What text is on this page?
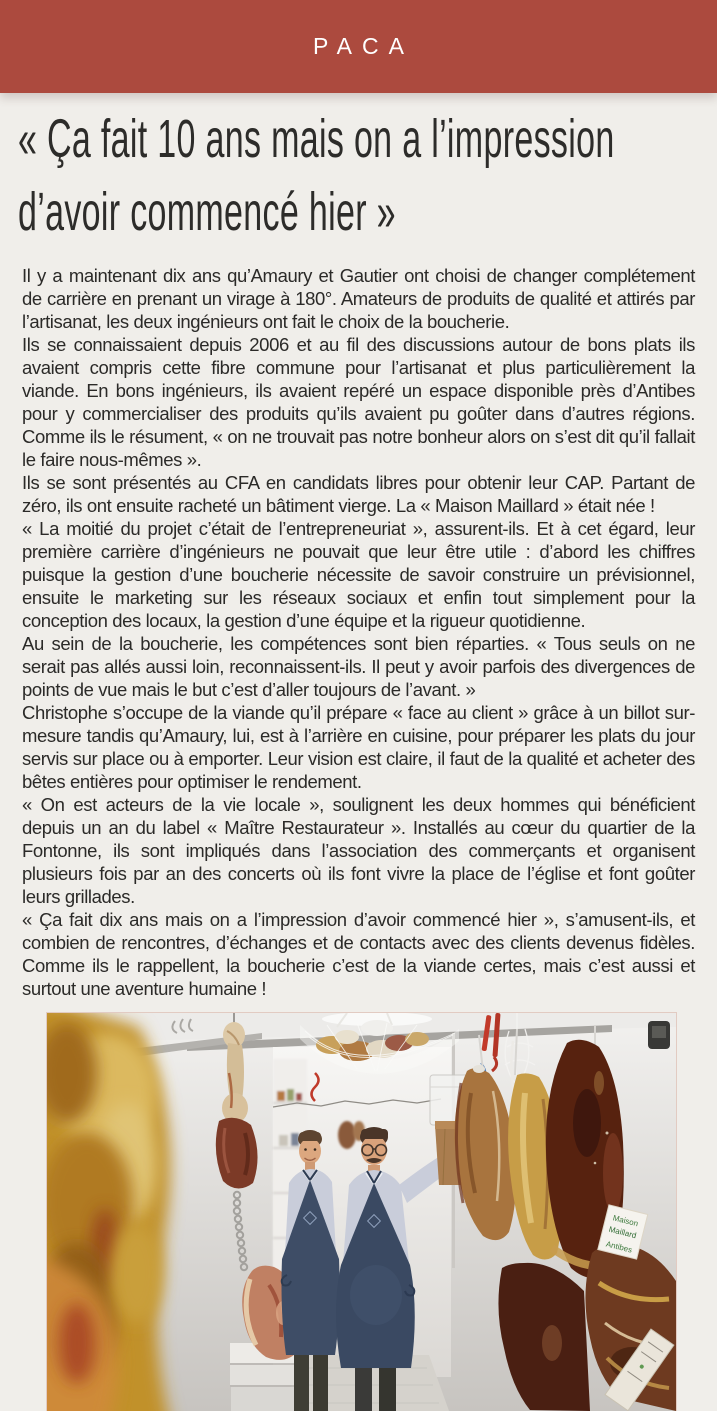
PACA
« Ça fait 10 ans mais on a l’impression
d’avoir commencé hier »

Il y a maintenant dix ans qu’Amaury et Gautier ont choisi de changer complétement de carrière en prenant un virage à 180°. Amateurs de produits de qualité et attirés par l’artisanat, les deux ingénieurs ont fait le choix de la boucherie.

Ils se connaissaient depuis 2006 et au fil des discussions autour de bons plats ils avaient compris cette fibre commune pour l’artisanat et plus particulièrement la viande. En bons ingénieurs, ils avaient repéré un espace disponible près d’Antibes pour y commercialiser des produits qu’ils avaient pu goûter dans d’autres régions. Comme ils le résument, « on ne trouvait pas notre bonheur alors on s’est dit qu’il fallait le faire nous-mêmes ».

Ils se sont présentés au CFA en candidats libres pour obtenir leur CAP. Partant de zéro, ils ont ensuite racheté un bâtiment vierge. La « Maison Maillard » était née !

« La moitié du projet c’était de l’entrepreneuriat », assurent-ils. Et à cet égard, leur première carrière d’ingénieurs ne pouvait que leur être utile : d’abord les chiffres puisque la gestion d’une boucherie nécessite de savoir construire un prévisionnel, ensuite le marketing sur les réseaux sociaux et enfin tout simplement pour la conception des locaux, la gestion d’une équipe et la rigueur quotidienne.

Au sein de la boucherie, les compétences sont bien réparties. « Tous seuls on ne serait pas allés aussi loin, reconnaissent-ils. Il peut y avoir parfois des divergences de points de vue mais le but c’est d’aller toujours de l’avant. »

Christophe s’occupe de la viande qu’il prépare « face au client » grâce à un billot sur-mesure tandis qu’Amaury, lui, est à l’arrière en cuisine, pour préparer les plats du jour servis sur place ou à emporter. Leur vision est claire, il faut de la qualité et acheter des bêtes entières pour optimiser le rendement.

« On est acteurs de la vie locale », soulignent les deux hommes qui bénéficient depuis un an du label « Maître Restaurateur ». Installés au cœur du quartier de la Fontonne, ils sont impliqués dans l’association des commerçants et organisent plusieurs fois par an des concerts où ils font vivre la place de l’église et font goûter leurs grillades.

« Ça fait dix ans mais on a l’impression d’avoir commencé hier », s’amusent-ils, et combien de rencontres, d’échanges et de contacts avec des clients devenus fidèles. Comme ils le rappellent, la boucherie c’est de la viande certes, mais c’est aussi et surtout une aventure humaine !

Maison
Maillard
Antibes
